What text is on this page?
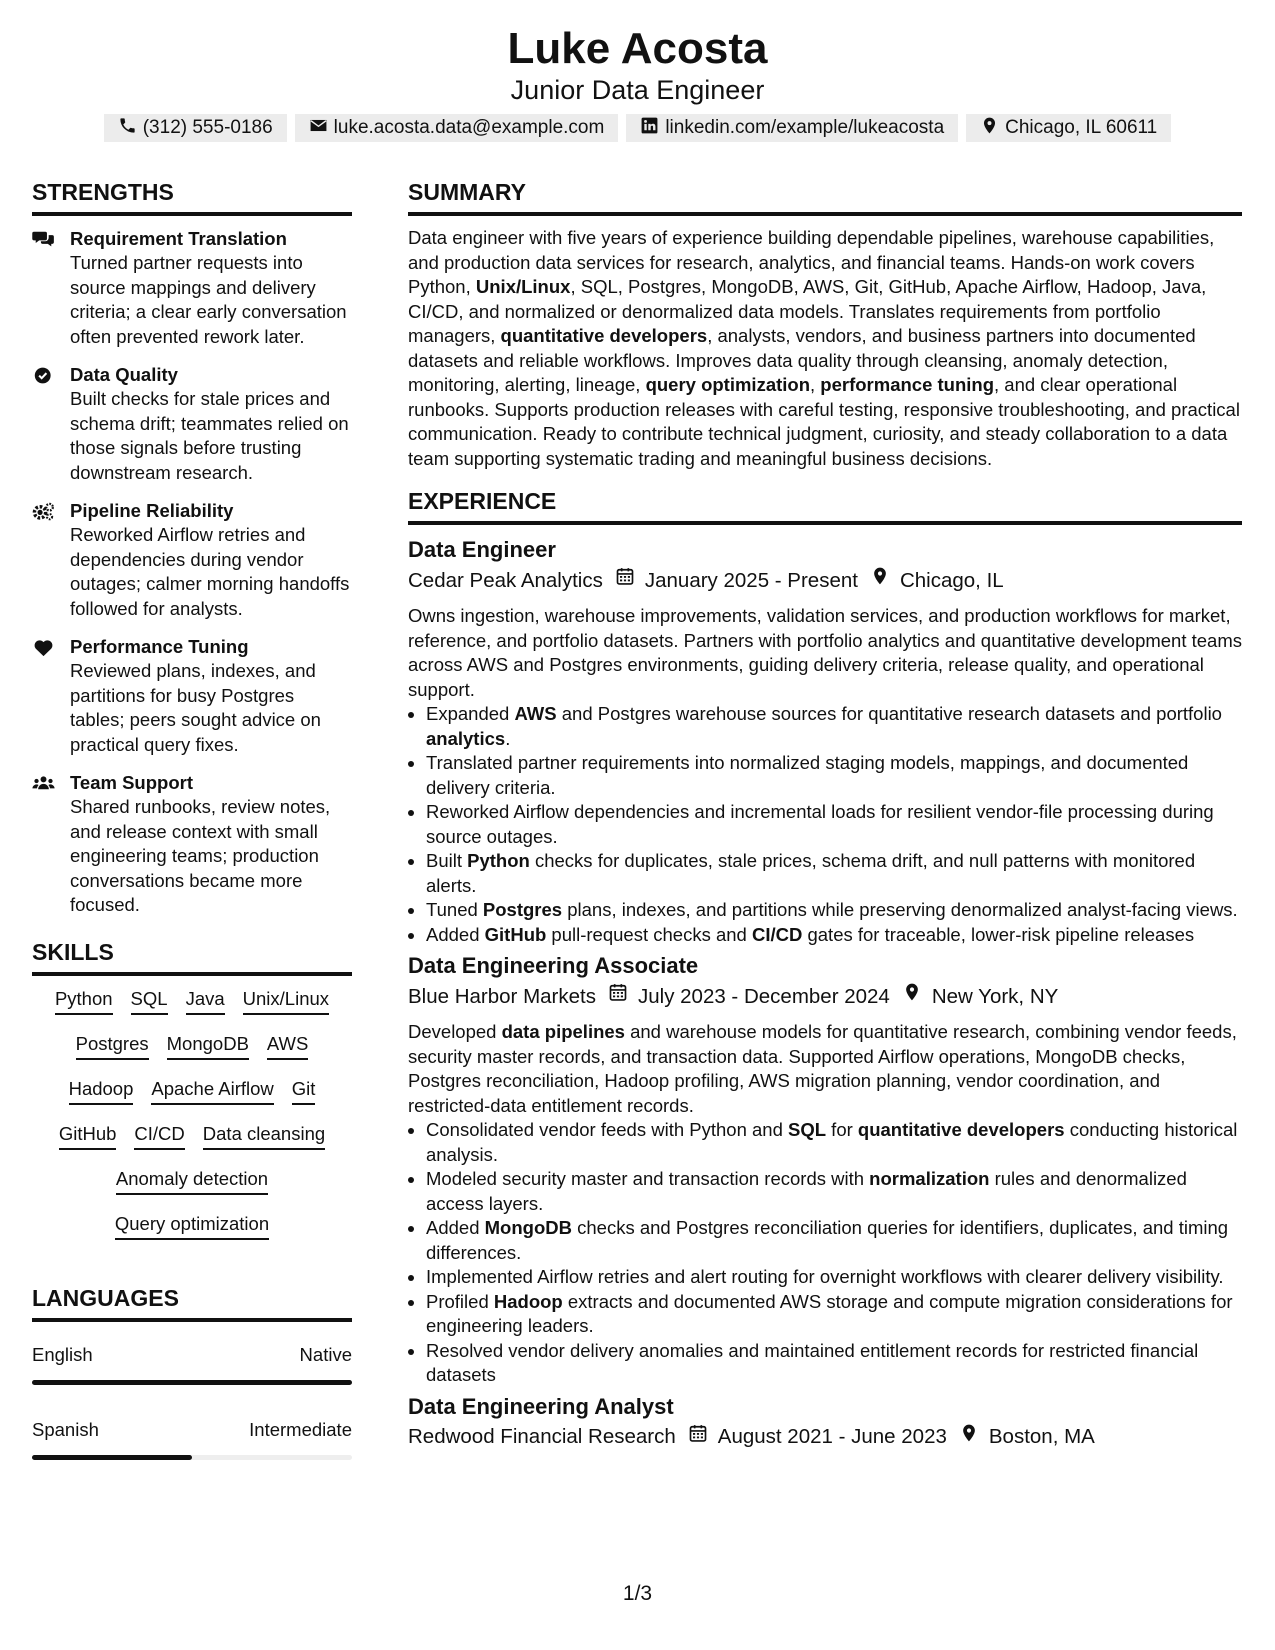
Luke Acosta
Junior Data Engineer
(312) 555-0186	luke.acosta.data@example.com	linkedin.com/example/lukeacosta	Chicago, IL 60611
STRENGTHS
Requirement Translation
Turned partner requests into source mappings and delivery criteria; a clear early conversation often prevented rework later.
Data Quality
Built checks for stale prices and schema drift; teammates relied on those signals before trusting downstream research.
Pipeline Reliability
Reworked Airflow retries and dependencies during vendor outages; calmer morning handoffs followed for analysts.
Performance Tuning
Reviewed plans, indexes, and partitions for busy Postgres tables; peers sought advice on practical query fixes.
Team Support
Shared runbooks, review notes, and release context with small engineering teams; production conversations became more focused.
SKILLS
Python SQL Java Unix/Linux
Postgres MongoDB AWS
Hadoop Apache Airflow Git
GitHub CI/CD Data cleansing
Anomaly detection
Query optimization
LANGUAGES
English	Native
Spanish	Intermediate
SUMMARY
Data engineer with five years of experience building dependable pipelines, warehouse capabilities, and production data services for research, analytics, and financial teams. Hands-on work covers Python, Unix/Linux, SQL, Postgres, MongoDB, AWS, Git, GitHub, Apache Airflow, Hadoop, Java, CI/CD, and normalized or denormalized data models. Translates requirements from portfolio managers, quantitative developers, analysts, vendors, and business partners into documented datasets and reliable workflows. Improves data quality through cleansing, anomaly detection, monitoring, alerting, lineage, query optimization, performance tuning, and clear operational runbooks. Supports production releases with careful testing, responsive troubleshooting, and practical communication. Ready to contribute technical judgment, curiosity, and steady collaboration to a data team supporting systematic trading and meaningful business decisions.
EXPERIENCE
Data Engineer
Cedar Peak Analytics January 2025 - Present Chicago, IL
Owns ingestion, warehouse improvements, validation services, and production workflows for market, reference, and portfolio datasets. Partners with portfolio analytics and quantitative development teams across AWS and Postgres environments, guiding delivery criteria, release quality, and operational support.
• Expanded AWS and Postgres warehouse sources for quantitative research datasets and portfolio analytics.
• Translated partner requirements into normalized staging models, mappings, and documented delivery criteria.
• Reworked Airflow dependencies and incremental loads for resilient vendor-file processing during source outages.
• Built Python checks for duplicates, stale prices, schema drift, and null patterns with monitored alerts.
• Tuned Postgres plans, indexes, and partitions while preserving denormalized analyst-facing views.
• Added GitHub pull-request checks and CI/CD gates for traceable, lower-risk pipeline releases
Data Engineering Associate
Blue Harbor Markets July 2023 - December 2024 New York, NY
Developed data pipelines and warehouse models for quantitative research, combining vendor feeds, security master records, and transaction data. Supported Airflow operations, MongoDB checks, Postgres reconciliation, Hadoop profiling, AWS migration planning, vendor coordination, and restricted-data entitlement records.
• Consolidated vendor feeds with Python and SQL for quantitative developers conducting historical analysis.
• Modeled security master and transaction records with normalization rules and denormalized access layers.
• Added MongoDB checks and Postgres reconciliation queries for identifiers, duplicates, and timing differences.
• Implemented Airflow retries and alert routing for overnight workflows with clearer delivery visibility.
• Profiled Hadoop extracts and documented AWS storage and compute migration considerations for engineering leaders.
• Resolved vendor delivery anomalies and maintained entitlement records for restricted financial datasets
Data Engineering Analyst
Redwood Financial Research August 2021 - June 2023 Boston, MA
1/3
